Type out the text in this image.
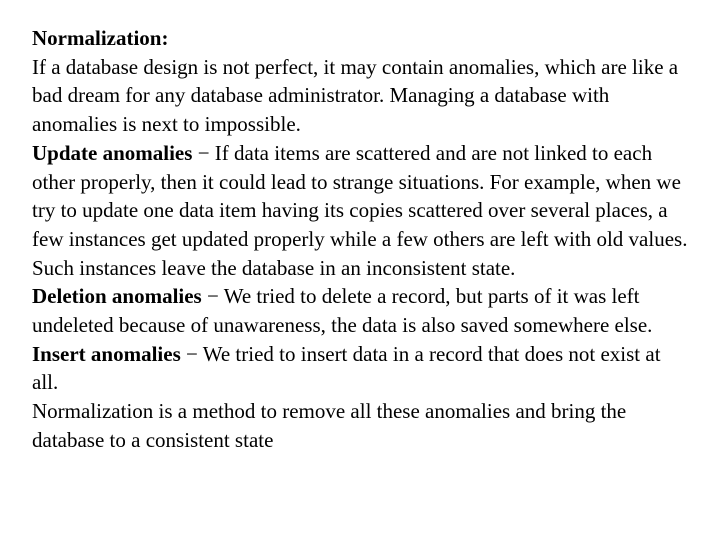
Normalization:

If a database design is not perfect, it may contain anomalies, which are like a bad dream for any database administrator. Managing a database with anomalies is next to impossible.

Update anomalies − If data items are scattered and are not linked to each other properly, then it could lead to strange situations. For example, when we try to update one data item having its copies scattered over several places, a few instances get updated properly while a few others are left with old values. Such instances leave the database in an inconsistent state.

Deletion anomalies − We tried to delete a record, but parts of it was left undeleted because of unawareness, the data is also saved somewhere else.

Insert anomalies − We tried to insert data in a record that does not exist at all.

Normalization is a method to remove all these anomalies and bring the database to a consistent state
